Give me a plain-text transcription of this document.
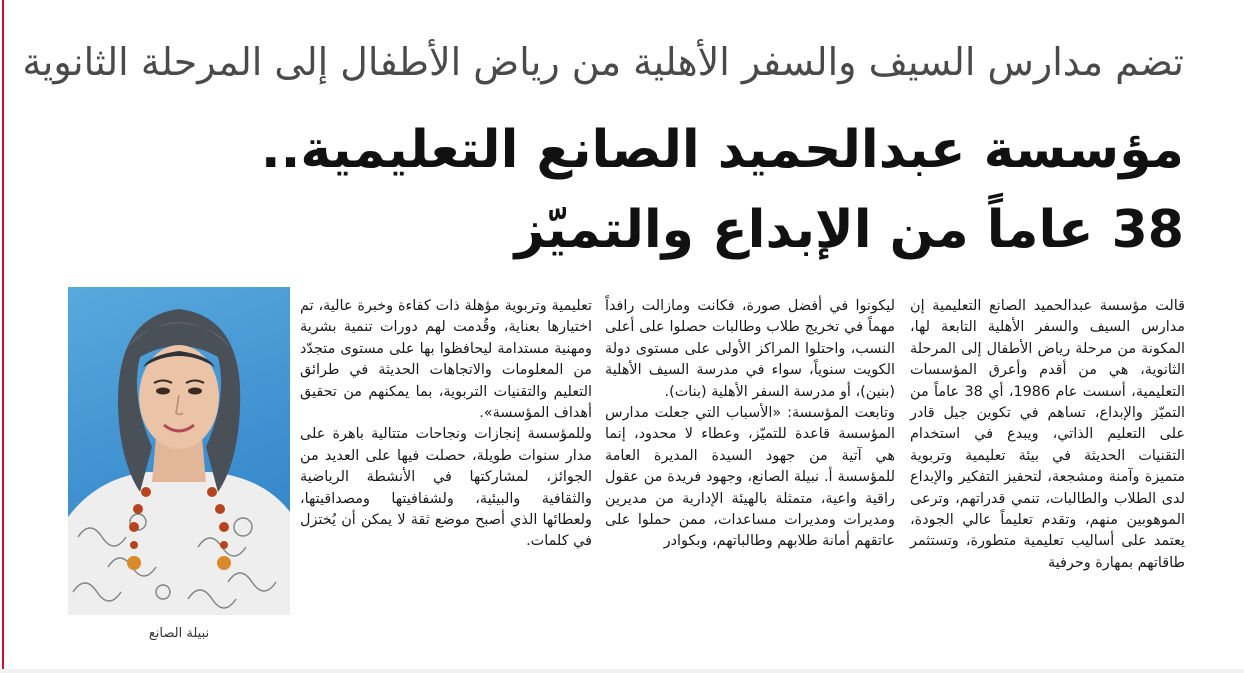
تضم مدارس السيف والسفر الأهلية من رياض الأطفال إلى المرحلة الثانوية
مؤسسة عبدالحميد الصانع التعليمية..
38 عاماً من الإبداع والتميّز

قالت مؤسسة عبدالحميد الصانع التعليمية إن مدارس السيف والسفر الأهلية التابعة لها، المكونة من مرحلة رياض الأطفال إلى المرحلة الثانوية، هي من أقدم وأعرق المؤسسات التعليمية، أسست عام 1986، أي 38 عاماً من التميّز والإبداع، تساهم في تكوين جيل قادر على التعليم الذاتي، ويبدع في استخدام التقنيات الحديثة في بيئة تعليمية وتربوية متميزة وآمنة ومشجعة، لتحفيز التفكير والإبداع لدى الطلاب والطالبات، تنمي قدراتهم، وترعى الموهوبين منهم، وتقدم تعليماً عالي الجودة، يعتمد على أساليب تعليمية متطورة، وتستثمر طاقاتهم بمهارة وحرفية

ليكونوا في أفضل صورة، فكانت ومازالت رافداً مهماً في تخريج طلاب وطالبات حصلوا على أعلى النسب، واحتلوا المراكز الأولى على مستوى دولة الكويت سنوياً، سواء في مدرسة السيف الأهلية (بنين)، أو مدرسة السفر الأهلية (بنات).

وتابعت المؤسسة: «الأسباب التي جعلت مدارس المؤسسة قاعدة للتميّز، وعطاء لا محدود، إنما هي آتية من جهود السيدة المديرة العامة للمؤسسة أ. نبيلة الصانع، وجهود فريدة من عقول راقية واعية، متمثلة بالهيئة الإدارية من مديرين ومديرات ومديرات مساعدات، ممن حملوا على عاتقهم أمانة طلابهم وطالباتهم، وبكوادر

تعليمية وتربوية مؤهلة ذات كفاءة وخبرة عالية، تم اختيارها بعناية، وقُدمت لهم دورات تنمية بشرية ومهنية مستدامة ليحافظوا بها على مستوى متجدّد من المعلومات والاتجاهات الحديثة في طرائق التعليم والتقنيات التربوية، بما يمكنهم من تحقيق أهداف المؤسسة».

وللمؤسسة إنجازات ونجاحات متتالية باهرة على مدار سنوات طويلة، حصلت فيها على العديد من الجوائز، لمشاركتها في الأنشطة الرياضية والثقافية والبيئية، ولشفافيتها ومصداقيتها، ولعطائها الذي أصبح موضع ثقة لا يمكن أن يُختزل في كلمات.

نبيلة الصانع
